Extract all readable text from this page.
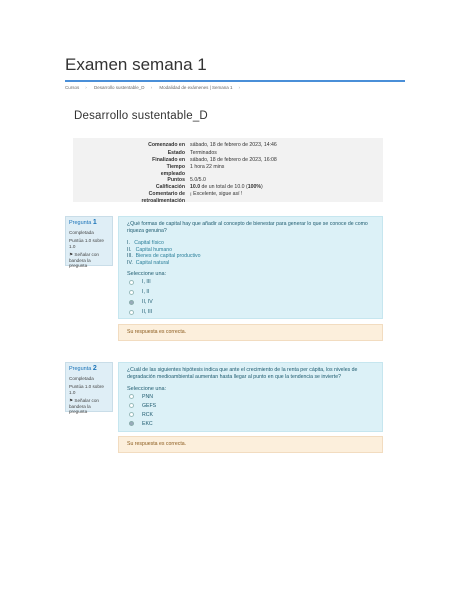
Examen semana 1
Cursos › Desarrollo sustentable_D › Modalidad de exámenes | Semana 1 ›
Desarrollo sustentable_D
Comenzado en sábado, 18 de febrero de 2023, 14:46
Estado Terminados
Finalizado en sábado, 18 de febrero de 2023, 16:08
Tiempo empleado
1 hora 22 mins
Puntos 5.0/5.0
Calificación 10.0 de un total de 10.0 (100%)
Comentario de retroalimentación
¡ Excelente, sigue así !
Pregunta 1
Completada
Puntúa 1.0 sobre 1.0
⚑ Señalar con bandera la pregunta
¿Qué formas de capital hay que añadir al concepto de bienestar para generar lo que se conoce de como riqueza genuina?
I. Capital físico
II. Capital humano
III. Bienes de capital productivo
IV. Capital natural
Seleccione una:
I, III
I, II
II, IV
II, III
Su respuesta es correcta.
Pregunta 2
Completada
Puntúa 1.0 sobre 1.0
⚑ Señalar con bandera la pregunta
¿Cuál de las siguientes hipótesis indica que ante el crecimiento de la renta per cápita, los niveles de degradación medioambiental aumentan hasta llegar al punto en que la tendencia se invierte?
Seleccione una:
PNN
GEFS
RCK
EKC
Su respuesta es correcta.
